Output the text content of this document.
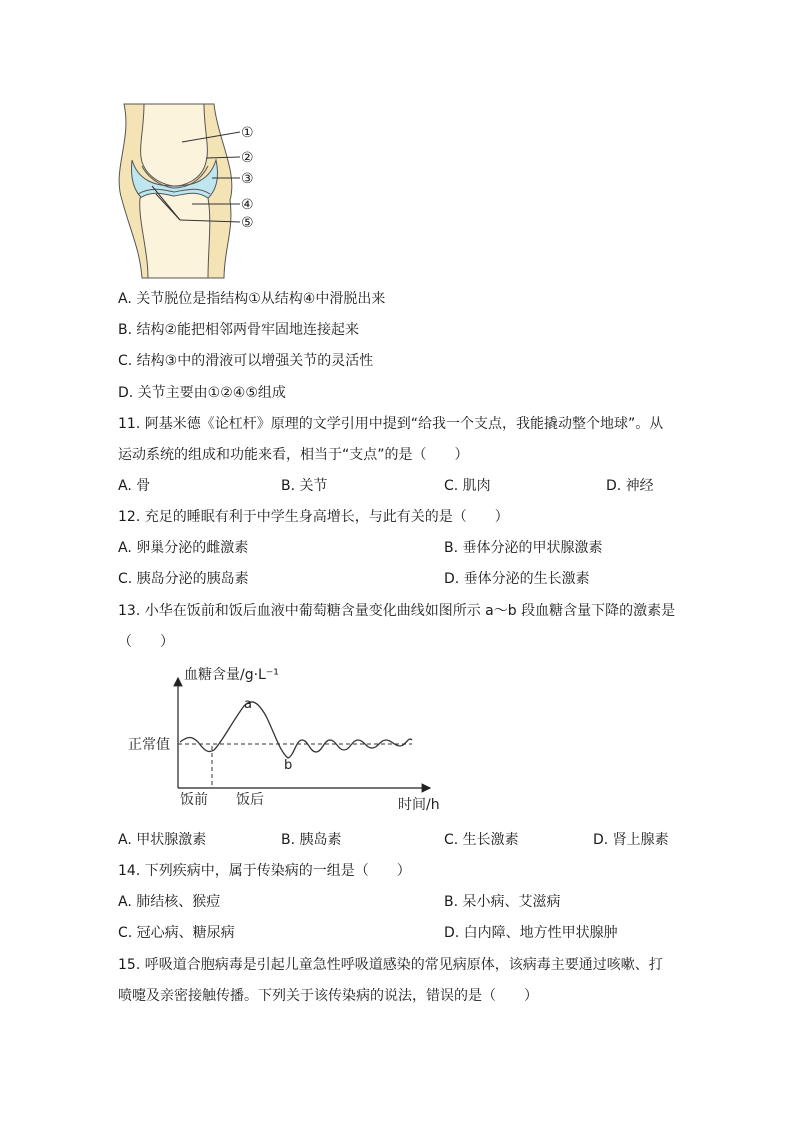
①
②
③
④
⑤
A. 关节脱位是指结构①从结构④中滑脱出来
B. 结构②能把相邻两骨牢固地连接起来
C. 结构③中的滑液可以增强关节的灵活性
D. 关节主要由①②④⑤组成
11. 阿基米德《论杠杆》原理的文学引用中提到“给我一个支点，我能撬动整个地球”。从
运动系统的组成和功能来看，相当于“支点”的是（　　）
A. 骨	B. 关节	C. 肌肉	D. 神经
12. 充足的睡眠有利于中学生身高增长，与此有关的是（　　）
A. 卵巢分泌的雌激素	B. 垂体分泌的甲状腺激素
C. 胰岛分泌的胰岛素	D. 垂体分泌的生长激素
13. 小华在饭前和饭后血液中葡萄糖含量变化曲线如图所示 a～b 段血糖含量下降的激素是
（　　）
血糖含量/g·L⁻¹
正常值
a
b
饭前 饭后	时间/h
A. 甲状腺激素	B. 胰岛素	C. 生长激素	D. 肾上腺素
14. 下列疾病中，属于传染病的一组是（　　）
A. 肺结核、猴痘	B. 呆小病、艾滋病
C. 冠心病、糖尿病	D. 白内障、地方性甲状腺肿
15. 呼吸道合胞病毒是引起儿童急性呼吸道感染的常见病原体，该病毒主要通过咳嗽、打
喷嚏及亲密接触传播。下列关于该传染病的说法，错误的是（　　）
